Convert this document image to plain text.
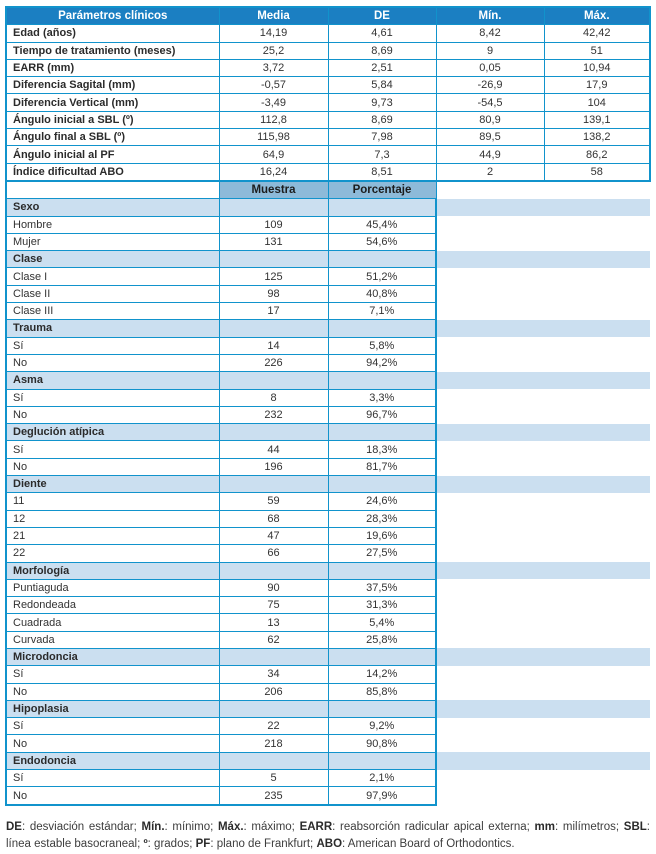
Parámetros clínicos	Media	DE	Mín.	Máx.
Edad (años)	14,19	4,61	8,42	42,42
Tiempo de tratamiento (meses)	25,2	8,69	9	51
EARR (mm)	3,72	2,51	0,05	10,94
Diferencia Sagital (mm)	-0,57	5,84	-26,9	17,9
Diferencia Vertical (mm)	-3,49	9,73	-54,5	104
Ángulo inicial a SBL (º)	112,8	8,69	80,9	139,1
Ángulo final a SBL (º)	115,98	7,98	89,5	138,2
Ángulo inicial al PF	64,9	7,3	44,9	86,2
Índice dificultad ABO	16,24	8,51	2	58
	Muestra	Porcentaje		
Sexo				
Hombre	109	45,4%		
Mujer	131	54,6%		
Clase				
Clase I	125	51,2%		
Clase II	98	40,8%		
Clase III	17	7,1%		
Trauma				
Sí	14	5,8%		
No	226	94,2%		
Asma				
Sí	8	3,3%		
No	232	96,7%		
Deglución atípica				
Sí	44	18,3%		
No	196	81,7%		
Diente				
11	59	24,6%		
12	68	28,3%		
21	47	19,6%		
22	66	27,5%		
Morfología				
Puntiaguda	90	37,5%		
Redondeada	75	31,3%		
Cuadrada	13	5,4%		
Curvada	62	25,8%		
Microdoncia				
Sí	34	14,2%		
No	206	85,8%		
Hipoplasia				
Sí	22	9,2%		
No	218	90,8%		
Endodoncia				
Sí	5	2,1%		
No	235	97,9%		

DE: desviación estándar; Mín.: mínimo; Máx.: máximo; EARR: reabsorción radicular apical externa; mm: milímetros; SBL: línea estable basocraneal; º: grados; PF: plano de Frankfurt; ABO: American Board of Orthodontics.
